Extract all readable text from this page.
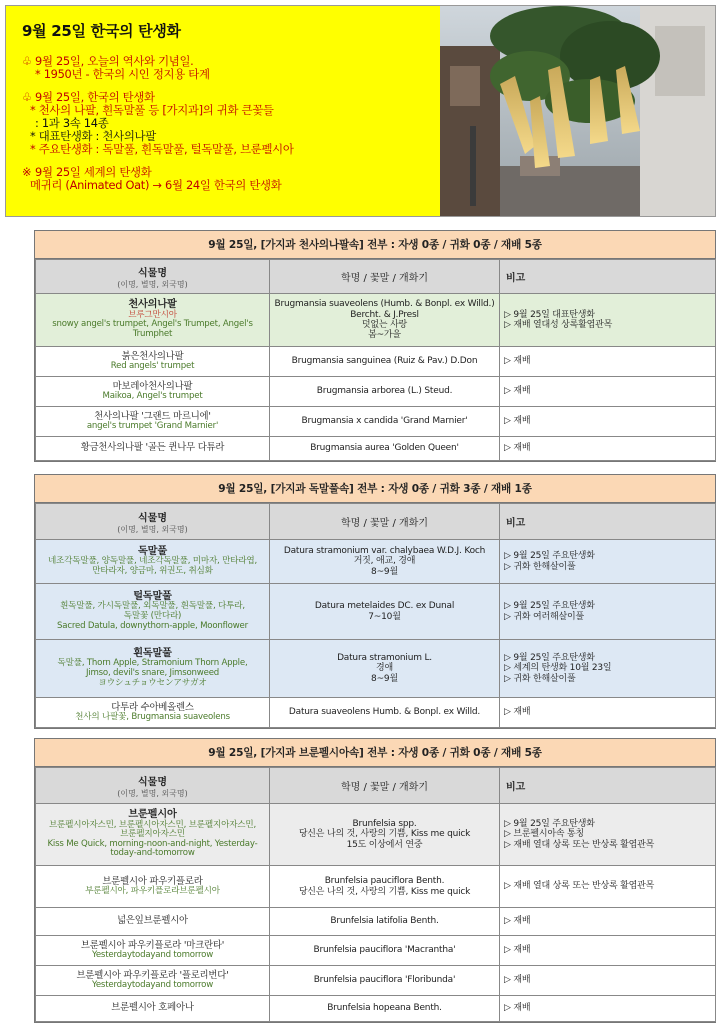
9월 25일 한국의 탄생화
♧ 9월 25일, 오늘의 역사와 기념일.
* 1950년 - 한국의 시인 정지용 타계
♧ 9월 25일, 한국의 탄생화
* 천사의 나팔, 흰독말풀 등 [가지과]의 귀화 큰꽃들
: 1과 3속 14종
* 대표탄생화 : 천사의나팔
* 주요탄생화 : 독말풀, 흰독말풀, 털독말풀, 브룬펠시아
※ 9월 25일 세계의 탄생화
메귀리 (Animated Oat) → 6월 24일 한국의 탄생화
9월 25일, [가지과 천사의나팔속] 전부 : 자생 0종 / 귀화 0종 / 재배 5종
식물명
(이명, 별명, 외국명)	학명 / 꽃말 / 개화기	비고

천사의나팔
브루그만시아
snowy angel's trumpet, Angel's Trumpet, Angel's Trumphet	Brugmansia suaveolens (Humb. & Bonpl. ex Willd.) Bercht. & J.Presl
덧없는 사랑
봄~가을	▷ 9월 25일 대표탄생화
▷ 재배 열대성 상록활엽관목

붉은천사의나팔
Red angels' trumpet	Brugmansia sanguinea (Ruiz & Pav.) D.Don	▷ 재배

마보레아천사의나팔
Maikoa, Angel's trumpet	Brugmansia arborea (L.) Steud.	▷ 재배

천사의나팔 '그랜드 마르니에'
angel's trumpet 'Grand Marnier'	Brugmansia x candida 'Grand Marnier'	▷ 재배

황금천사의나팔 '골든 퀸나무 다튜라	Brugmansia aurea 'Golden Queen'	▷ 재배
9월 25일, [가지과 독말풀속] 전부 : 자생 0종 / 귀화 3종 / 재배 1종
식물명
(이명, 별명, 외국명)	학명 / 꽃말 / 개화기	비고

독말풀
네조각독말풀, 양독말풀, 네조각독말풀, 미마자, 만타라엽,
만타라자, 양금마, 위권도, 취심화	Datura stramonium var. chalybaea W.D.J. Koch
거짓, 애교, 경애
8~9월	▷ 9월 25일 주요탄생화
▷ 귀화 한해살이풀

털독말풀
흰독말풀, 가시독말풀, 외독말풀, 흰독말풀, 다투라,
독말꽃 (만다라)
Sacred Datula, downythorn-apple, Moonflower	Datura metelaides DC. ex Dunal
7~10월	▷ 9월 25일 주요탄생화
▷ 귀화 여러해살이풀

흰독말풀
독말풀, Thorn Apple, Stramonium Thorn Apple,
Jimso, devil's snare, Jimsonweed
ヨウシュチョウセンアサガオ	Datura stramonium L.
경애
8~9월	▷ 9월 25일 주요탄생화
▷ 세계의 탄생화 10월 23일
▷ 귀화 한해살이풀

다투라 수아베올렌스
천사의 나팔꽃, Brugmansia suaveolens	Datura suaveolens Humb. & Bonpl. ex Willd.	▷ 재배
9월 25일, [가지과 브룬펠시아속] 전부 : 자생 0종 / 귀화 0종 / 재배 5종
식물명
(이명, 별명, 외국명)	학명 / 꽃말 / 개화기	비고

브룬펠시아
브룬펠시아자스민, 브룬펠시아자스민, 브룬펠지아자스민,
브룬펠지아자스민
Kiss Me Quick, morning-noon-and-night, Yesterday-today-and-tomorrow	Brunfelsia spp.
당신은 나의 것, 사랑의 기쁨, Kiss me quick
15도 이상에서 연중	▷ 9월 25일 주요탄생화
▷ 브룬펠시아속 통칭
▷ 재배 열대 상록 또는 반상록 활엽관목

브룬펠시아 파우키플로라
부룬펠시아, 파우키플로라브룬펠시아	Brunfelsia pauciflora Benth.
당신은 나의 것, 사랑의 기쁨, Kiss me quick	▷ 재배 열대 상록 또는 반상록 활엽관목

넓은잎브룬펠시아	Brunfelsia latifolia Benth.	▷ 재배

브룬펠시아 파우키플로라 '마크란타'
Yesterdaytodayand tomorrow	Brunfelsia pauciflora 'Macrantha'	▷ 재배

브룬펠시아 파우키플로라 '플로리번다'
Yesterdaytodayand tomorrow	Brunfelsia pauciflora 'Floribunda'	▷ 재배

브룬펠시아 호페아나	Brunfelsia hopeana Benth.	▷ 재배
